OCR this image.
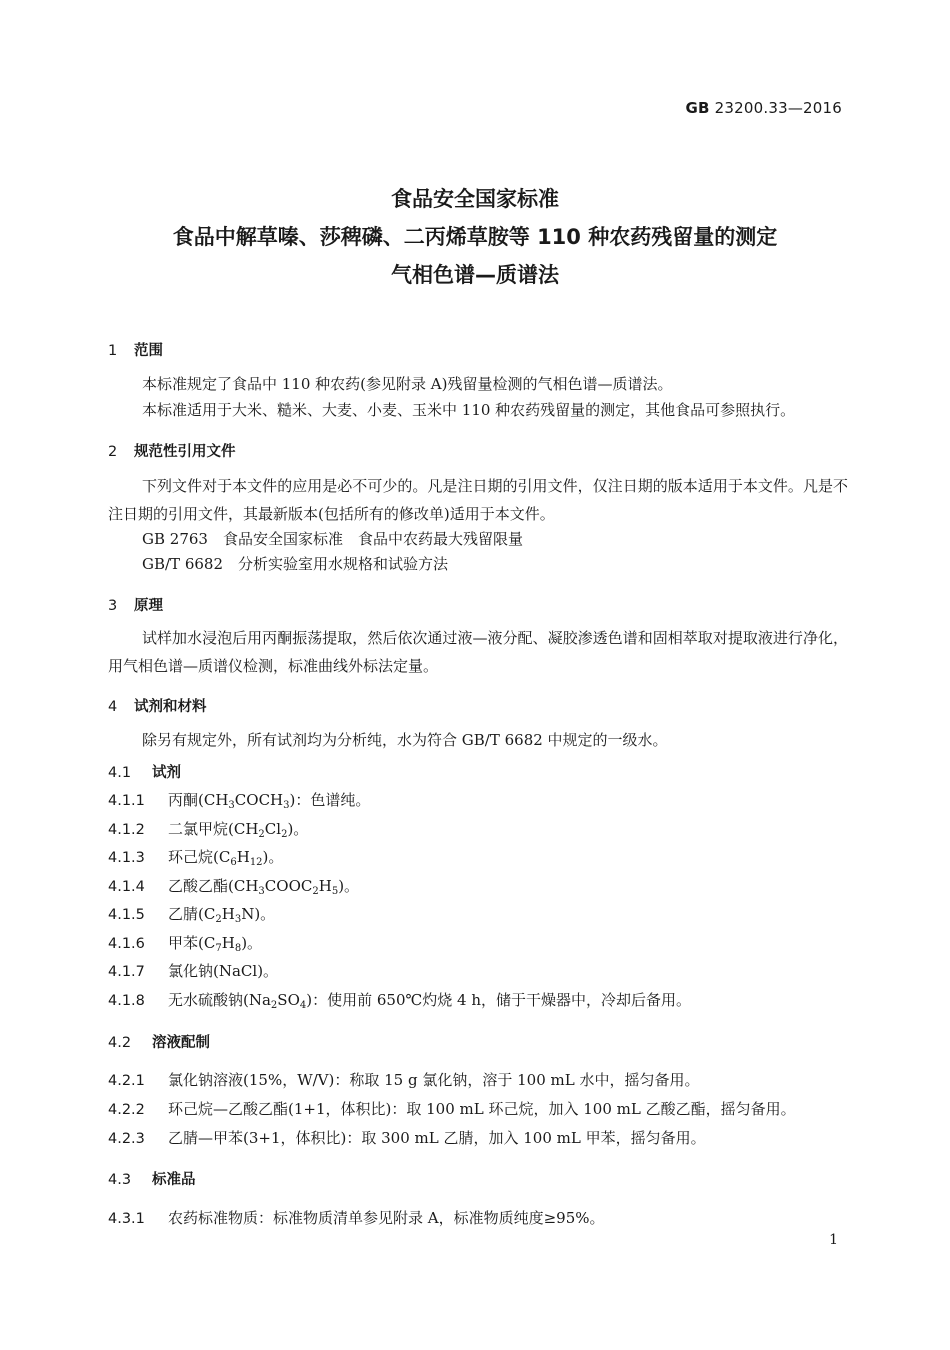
GB 23200.33—2016
食品安全国家标准
食品中解草嗪、莎稗磷、二丙烯草胺等 110 种农药残留量的测定
气相色谱—质谱法
1 范围
本标准规定了食品中 110 种农药(参见附录 A)残留量检测的气相色谱—质谱法。
本标准适用于大米、糙米、大麦、小麦、玉米中 110 种农药残留量的测定，其他食品可参照执行。
2 规范性引用文件
下列文件对于本文件的应用是必不可少的。凡是注日期的引用文件，仅注日期的版本适用于本文件。凡是不注日期的引用文件，其最新版本(包括所有的修改单)适用于本文件。
GB 2763　食品安全国家标准　食品中农药最大残留限量
GB/T 6682　分析实验室用水规格和试验方法
3 原理
试样加水浸泡后用丙酮振荡提取，然后依次通过液—液分配、凝胶渗透色谱和固相萃取对提取液进行净化，用气相色谱—质谱仪检测，标准曲线外标法定量。
4 试剂和材料
除另有规定外，所有试剂均为分析纯，水为符合 GB/T 6682 中规定的一级水。
4.1 试剂
4.1.1 丙酮$(CH_3COCH_3)$：色谱纯。
4.1.2 二氯甲烷$(CH_2Cl_2)$。
4.1.3 环己烷$(C_6H_{12})$。
4.1.4 乙酸乙酯$(CH_3COOC_2H_5)$。
4.1.5 乙腈$(C_2H_3N)$。
4.1.6 甲苯$(C_7H_8)$。
4.1.7 氯化钠(NaCl)。
4.1.8 无水硫酸钠$(Na_2SO_4)$：使用前 650℃灼烧 4 h，储于干燥器中，冷却后备用。
4.2 溶液配制
4.2.1 氯化钠溶液(15%，W/V)：称取 15 g 氯化钠，溶于 100 mL 水中，摇匀备用。
4.2.2 环己烷—乙酸乙酯(1+1，体积比)：取 100 mL 环己烷，加入 100 mL 乙酸乙酯，摇匀备用。
4.2.3 乙腈—甲苯(3+1，体积比)：取 300 mL 乙腈，加入 100 mL 甲苯，摇匀备用。
4.3 标准品
4.3.1 农药标准物质：标准物质清单参见附录 A，标准物质纯度≥95%。
1
